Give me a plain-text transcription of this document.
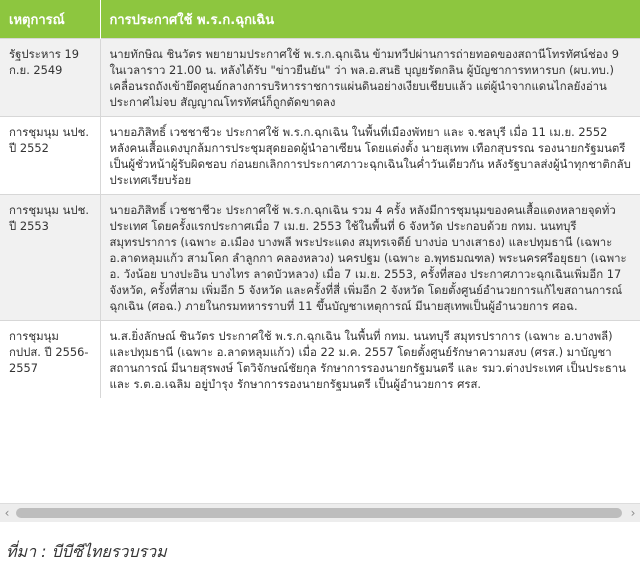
เหตุการณ์	การประกาศใช้ พ.ร.ก.ฉุกเฉิน
รัฐประหาร 19 ก.ย. 2549	นายทักษิณ ชินวัตร พยายามประกาศใช้ พ.ร.ก.ฉุกเฉิน ข้ามทวีปผ่านการถ่ายทอดของสถานีโทรทัศน์ช่อง 9 ในเวลาราว 21.00 น. หลังได้รับ "ข่าวยืนยัน" ว่า พล.อ.สนธิ บุญยรัตกลิน ผู้บัญชาการทหารบก (ผบ.ทบ.) เคลื่อนรถถังเข้ายึดศูนย์กลางการบริหารราชการแผ่นดินอย่างเงียบเชียบแล้ว แต่ผู้นำจากแดนไกลยังอ่านประกาศไม่จบ สัญญาณโทรทัศน์ก็ถูกตัดขาดลง
การชุมนุม นปช. ปี 2552	นายอภิสิทธิ์ เวชชาชีวะ ประกาศใช้ พ.ร.ก.ฉุกเฉิน ในพื้นที่เมืองพัทยา และ จ.ชลบุรี เมื่อ 11 เม.ย. 2552 หลังคนเสื้อแดงบุกล้มการประชุมสุดยอดผู้นำอาเซียน โดยแต่งตั้ง นายสุเทพ เทือกสุบรรณ รองนายกรัฐมนตรี เป็นผู้ชั่วหน้าผู้รับผิดชอบ ก่อนยกเลิกการประกาศภาวะฉุกเฉินในค่ำวันเดียวกัน หลังรัฐบาลส่งผู้นำทุกชาติกลับประเทศเรียบร้อย
การชุมนุม นปช. ปี 2553	นายอภิสิทธิ์ เวชชาชีวะ ประกาศใช้ พ.ร.ก.ฉุกเฉิน รวม 4 ครั้ง หลังมีการชุมนุมของคนเสื้อแดงหลายจุดทั่วประเทศ โดยครั้งแรกประกาศเมื่อ 7 เม.ย. 2553 ใช้ในพื้นที่ 6 จังหวัด ประกอบด้วย กทม. นนทบุรี สมุทรปราการ (เฉพาะ อ.เมือง บางพลี พระประแดง สมุทรเจดีย์ บางบ่อ บางเสาธง) และปทุมธานี (เฉพาะ อ.ลาดหลุมแก้ว สามโคก ลำลูกกา คลองหลวง) นครปฐม (เฉพาะ อ.พุทธมณฑล) พระนครศรีอยุธยา (เฉพาะ อ. วังน้อย บางปะอิน บางไทร ลาดบัวหลวง) เมื่อ 7 เม.ย. 2553, ครั้งที่สอง ประกาศภาวะฉุกเฉินเพิ่มอีก 17 จังหวัด, ครั้งที่สาม เพิ่มอีก 5 จังหวัด และครั้งที่สี่ เพิ่มอีก 2 จังหวัด โดยตั้งศูนย์อำนวยการแก้ไขสถานการณ์ฉุกเฉิน (ศอฉ.) ภายในกรมทหารราบที่ 11 ขึ้นบัญชาเหตุการณ์ มีนายสุเทพเป็นผู้อำนวยการ ศอฉ.
การชุมนุม กปปส. ปี 2556-2557	น.ส.ยิ่งลักษณ์ ชินวัตร ประกาศใช้ พ.ร.ก.ฉุกเฉิน ในพื้นที่ กทม. นนทบุรี สมุทรปราการ (เฉพาะ อ.บางพลี) และปทุมธานี (เฉพาะ อ.ลาดหลุมแก้ว) เมื่อ 22 ม.ค. 2557 โดยตั้งศูนย์รักษาความสงบ (ศรส.) มาบัญชาสถานการณ์ มีนายสุรพงษ์ โตวิจักษณ์ชัยกุล รักษาการรองนายกรัฐมนตรี และ รมว.ต่างประเทศ เป็นประธาน และ ร.ต.อ.เฉลิม อยู่บำรุง รักษาการรองนายกรัฐมนตรี เป็นผู้อำนวยการ ศรส.
‹	›
ที่มา : บีบีซีไทยรวบรวม
